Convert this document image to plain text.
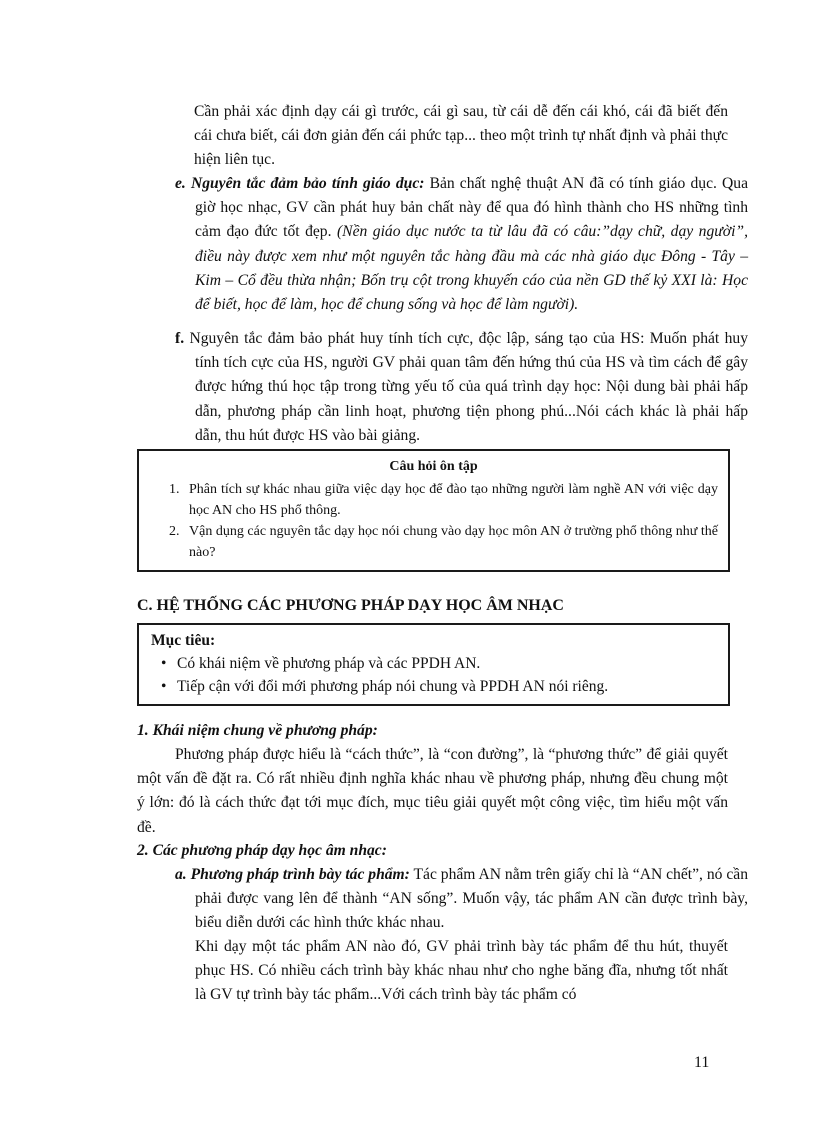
Cần phải xác định dạy cái gì trước, cái gì sau, từ cái dễ đến cái khó, cái đã biết đến cái chưa biết, cái đơn giản đến cái phức tạp... theo một trình tự nhất định và phải thực hiện liên tục.

e. Nguyên tắc đảm bảo tính giáo dục: Bản chất nghệ thuật AN đã có tính giáo dục. Qua giờ học nhạc, GV cần phát huy bản chất này để qua đó hình thành cho HS những tình cảm đạo đức tốt đẹp. (Nền giáo dục nước ta từ lâu đã có câu:”dạy chữ, dạy người”, điều này được xem như một nguyên tắc hàng đầu mà các nhà giáo dục Đông - Tây – Kim – Cổ đều thừa nhận; Bốn trụ cột trong khuyến cáo của nền GD thế kỷ XXI là: Học để biết, học để làm, học để chung sống và học để làm người).

f. Nguyên tắc đảm bảo phát huy tính tích cực, độc lập, sáng tạo của HS: Muốn phát huy tính tích cực của HS, người GV phải quan tâm đến hứng thú của HS và tìm cách để gây được hứng thú học tập trong từng yếu tố của quá trình dạy học: Nội dung bài phải hấp dẫn, phương pháp cần linh hoạt, phương tiện phong phú...Nói cách khác là phải hấp dẫn, thu hút được HS vào bài giảng.

Câu hỏi ôn tập
1. Phân tích sự khác nhau giữa việc dạy học để đào tạo những người làm nghề AN với việc dạy học AN cho HS phổ thông.
2. Vận dụng các nguyên tắc dạy học nói chung vào dạy học môn AN ở trường phổ thông như thế nào?
C. HỆ THỐNG CÁC PHƯƠNG PHÁP DẠY HỌC ÂM NHẠC
Mục tiêu:
• Có khái niệm về phương pháp và các PPDH AN.
• Tiếp cận với đổi mới phương pháp nói chung và PPDH AN nói riêng.

1. Khái niệm chung về phương pháp:

Phương pháp được hiểu là “cách thức”, là “con đường”, là “phương thức” để giải quyết một vấn đề đặt ra. Có rất nhiều định nghĩa khác nhau về phương pháp, nhưng đều chung một ý lớn: đó là cách thức đạt tới mục đích, mục tiêu giải quyết một công việc, tìm hiểu một vấn đề.

2. Các phương pháp dạy học âm nhạc:

a. Phương pháp trình bày tác phẩm: Tác phẩm AN nằm trên giấy chỉ là “AN chết”, nó cần phải được vang lên để thành “AN sống”. Muốn vậy, tác phẩm AN cần được trình bày, biểu diễn dưới các hình thức khác nhau.

Khi dạy một tác phẩm AN nào đó, GV phải trình bày tác phẩm để thu hút, thuyết phục HS. Có nhiều cách trình bày khác nhau như cho nghe băng đĩa, nhưng tốt nhất là GV tự trình bày tác phẩm...Với cách trình bày tác phẩm có

11
